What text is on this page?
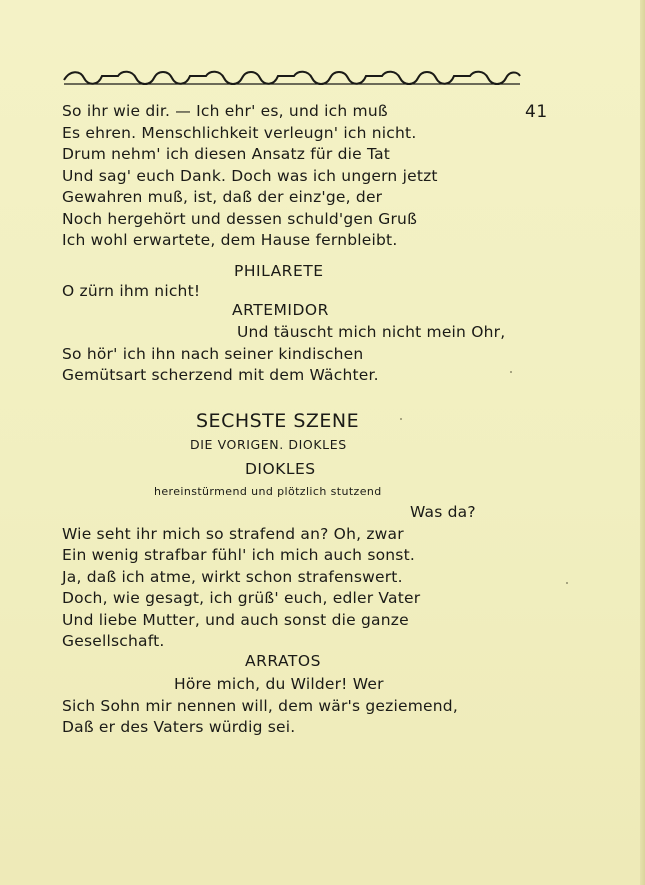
41
So ihr wie dir. — Ich ehr' es, und ich muß
Es ehren. Menschlichkeit verleugn' ich nicht.
Drum nehm' ich diesen Ansatz für die Tat
Und sag' euch Dank. Doch was ich ungern jetzt
Gewahren muß, ist, daß der einz'ge, der
Noch hergehört und dessen schuld'gen Gruß
Ich wohl erwartete, dem Hause fernbleibt.
PHILARETE
O zürn ihm nicht!
ARTEMIDOR
Und täuscht mich nicht mein Ohr,
So hör' ich ihn nach seiner kindischen
Gemütsart scherzend mit dem Wächter.
SECHSTE SZENE
DIE VORIGEN. DIOKLES
DIOKLES
hereinstürmend und plötzlich stutzend
Was da?
Wie seht ihr mich so strafend an? Oh, zwar
Ein wenig strafbar fühl' ich mich auch sonst.
Ja, daß ich atme, wirkt schon strafenswert.
Doch, wie gesagt, ich grüß' euch, edler Vater
Und liebe Mutter, und auch sonst die ganze
Gesellschaft.
ARRATOS
Höre mich, du Wilder! Wer
Sich Sohn mir nennen will, dem wär's geziemend,
Daß er des Vaters würdig sei.
